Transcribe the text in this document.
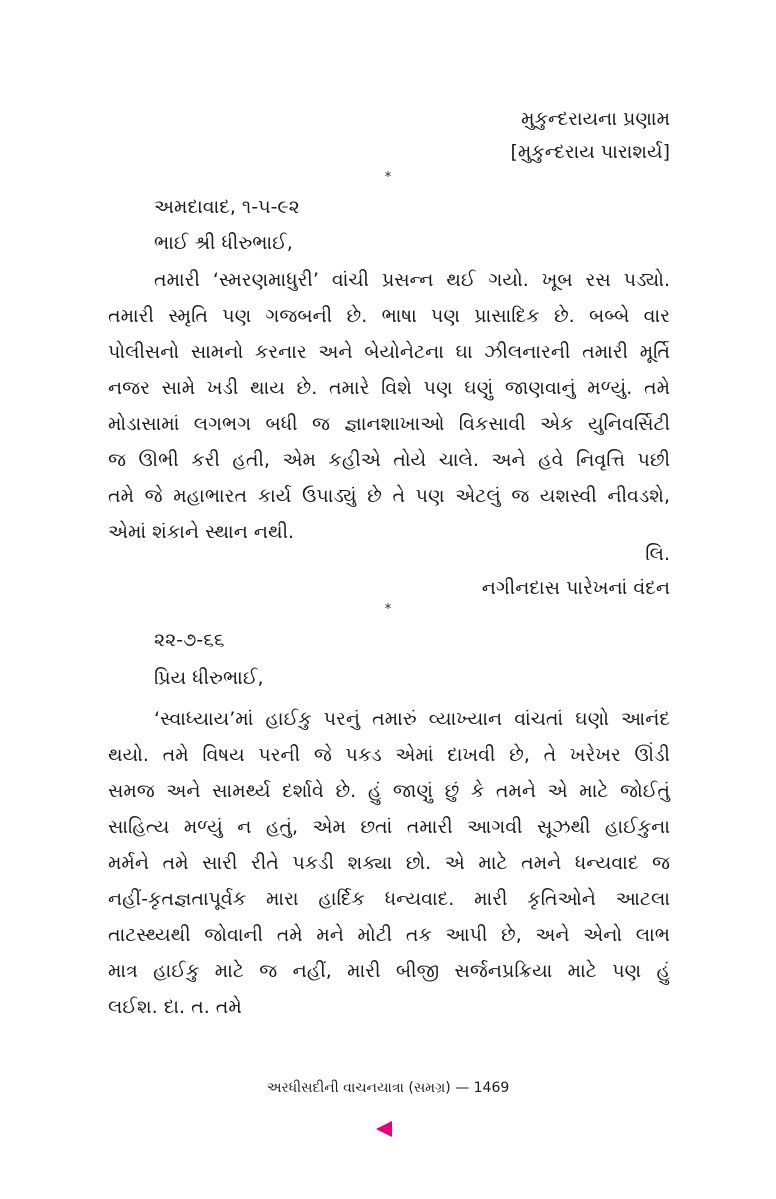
મુકુન્દરાયના પ્રણામ
[મુકુન્દરાય પારાશર્ય]
*
અમદાવાદ, ૧-૫-૯૨
ભાઈ શ્રી ધીરુભાઈ,
તમારી ‘સ્મરણમાધુરી’ વાંચી પ્રસન્ન થઈ ગયો. ખૂબ રસ પડ્યો.
તમારી સ્મૃતિ પણ ગજબની છે. ભાષા પણ પ્રાસાદિક છે. બબ્બે વાર
પોલીસનો સામનો કરનાર અને બેયોનેટના ઘા ઝીલનારની તમારી મૂર્તિ
નજર સામે ખડી થાય છે. તમારે વિશે પણ ઘણું જાણવાનું મળ્યું. તમે
મોડાસામાં લગભગ બધી જ જ્ઞાનશાખાઓ વિકસાવી એક યુનિવર્સિટી
જ ઊભી કરી હતી, એમ કહીએ તોયે ચાલે. અને હવે નિવૃત્તિ પછી
તમે જે મહાભારત કાર્ય ઉપાડ્યું છે તે પણ એટલું જ યશસ્વી નીવડશે,
એમાં શંકાને સ્થાન નથી.
લિ.
નગીનદાસ પારેખનાં વંદન
*
૨૨-૭-૬૬
પ્રિય ધીરુભાઈ,
‘સ્વાધ્યાય’માં હાઈકુ પરનું તમારું વ્યાખ્યાન વાંચતાં ઘણો આનંદ
થયો. તમે વિષય પરની જે પકડ એમાં દાખવી છે, તે ખરેખર ઊંડી
સમજ અને સામર્થ્ય દર્શાવે છે. હું જાણું છું કે તમને એ માટે જોઈતું
સાહિત્ય મળ્યું ન હતું, એમ છતાં તમારી આગવી સૂઝથી હાઈકુના
મર્મને તમે સારી રીતે પકડી શક્યા છો. એ માટે તમને ધન્યવાદ જ
નહીં-કૃતજ્ઞતાપૂર્વક મારા હાર્દિક ધન્યવાદ. મારી કૃતિઓને આટલા
તાટસ્થ્યથી જોવાની તમે મને મોટી તક આપી છે, અને એનો લાભ
માત્ર હાઈકુ માટે જ નહીં, મારી બીજી સર્જનપ્રક્રિયા માટે પણ હું
લઈશ. દા. ત. તમે
અરધીસદીની વાચનયાત્રા (સમગ્ર) — 1469
